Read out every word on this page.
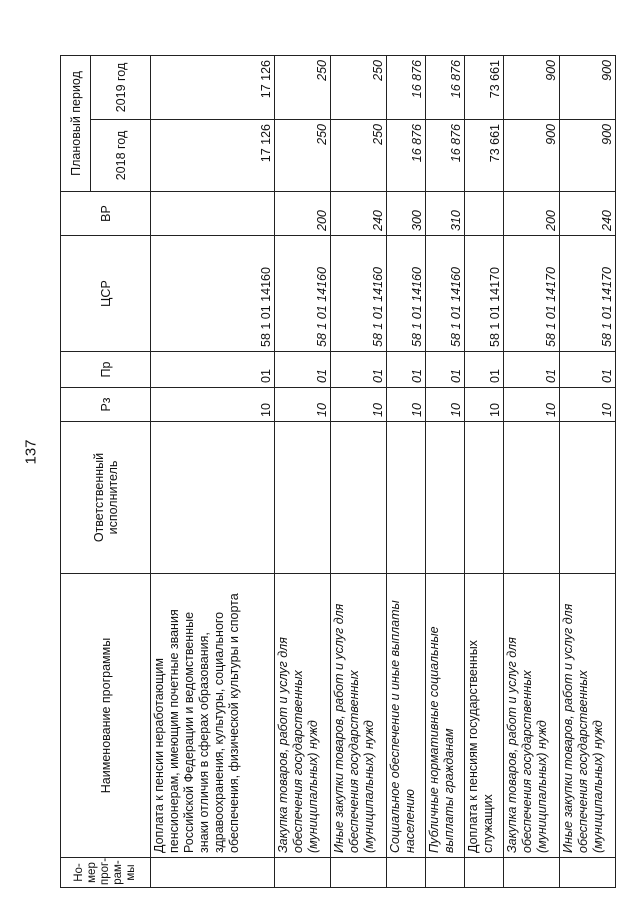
137
Но-мер прог-рам-мы	Наименование программы	Ответственный исполнитель	Рз	Пр	ЦСР	ВР	Плановый период	
							2018 год	2019 год
	Доплата к пенсии неработающим пенсионерам, имеющим почетные звания Российской Федерации и ведомственные знаки отличия в сферах образования, здравоохранения, культуры, социального обеспечения, физической культуры и спорта		10	01	58 1 01 14160		17 126	17 126
	Закупка товаров, работ и услуг для обеспечения государственных (муниципальных) нужд		10	01	58 1 01 14160	200	250	250
	Иные закупки товаров, работ и услуг для обеспечения государственных (муниципальных) нужд		10	01	58 1 01 14160	240	250	250
	Социальное обеспечение и иные выплаты населению		10	01	58 1 01 14160	300	16 876	16 876
	Публичные нормативные социальные выплаты гражданам		10	01	58 1 01 14160	310	16 876	16 876
	Доплата к пенсиям государственных служащих		10	01	58 1 01 14170		73 661	73 661
	Закупка товаров, работ и услуг для обеспечения государственных (муниципальных) нужд		10	01	58 1 01 14170	200	900	900
	Иные закупки товаров, работ и услуг для обеспечения государственных (муниципальных) нужд		10	01	58 1 01 14170	240	900	900
